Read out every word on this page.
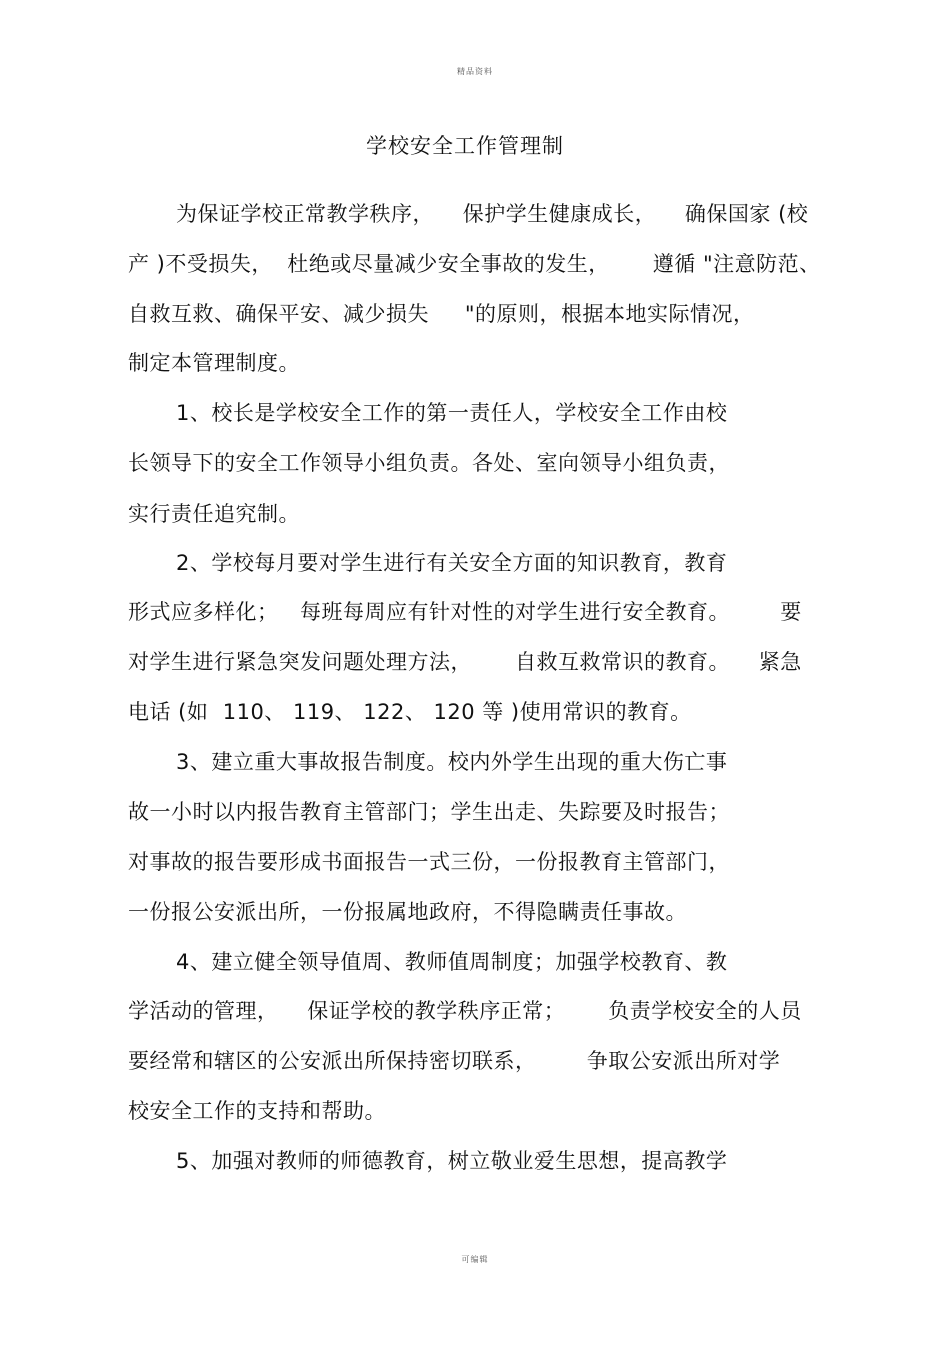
精品资料
学校安全工作管理制
为保证学校正常教学秩序，    保护学生健康成长，    确保国家 (校
产 )不受损失，  杜绝或尽量减少安全事故的发生，      遵循 "注意防范、
自救互救、确保平安、减少损失     "的原则，根据本地实际情况，
制定本管理制度。
1、校长是学校安全工作的第一责任人，学校安全工作由校
长领导下的安全工作领导小组负责。各处、室向领导小组负责，
实行责任追究制。
2、学校每月要对学生进行有关安全方面的知识教育，教育
形式应多样化；   每班每周应有针对性的对学生进行安全教育。       要
对学生进行紧急突发问题处理方法，      自救互救常识的教育。    紧急
电话 (如  110、 119、 122、 120 等 )使用常识的教育。
3、建立重大事故报告制度。校内外学生出现的重大伤亡事
故一小时以内报告教育主管部门；学生出走、失踪要及时报告；
对事故的报告要形成书面报告一式三份，一份报教育主管部门，
一份报公安派出所，一份报属地政府，不得隐瞒责任事故。
4、建立健全领导值周、教师值周制度；加强学校教育、教
学活动的管理，    保证学校的教学秩序正常；      负责学校安全的人员
要经常和辖区的公安派出所保持密切联系，       争取公安派出所对学
校安全工作的支持和帮助。
5、加强对教师的师德教育，树立敬业爱生思想，提高教学
可编辑
